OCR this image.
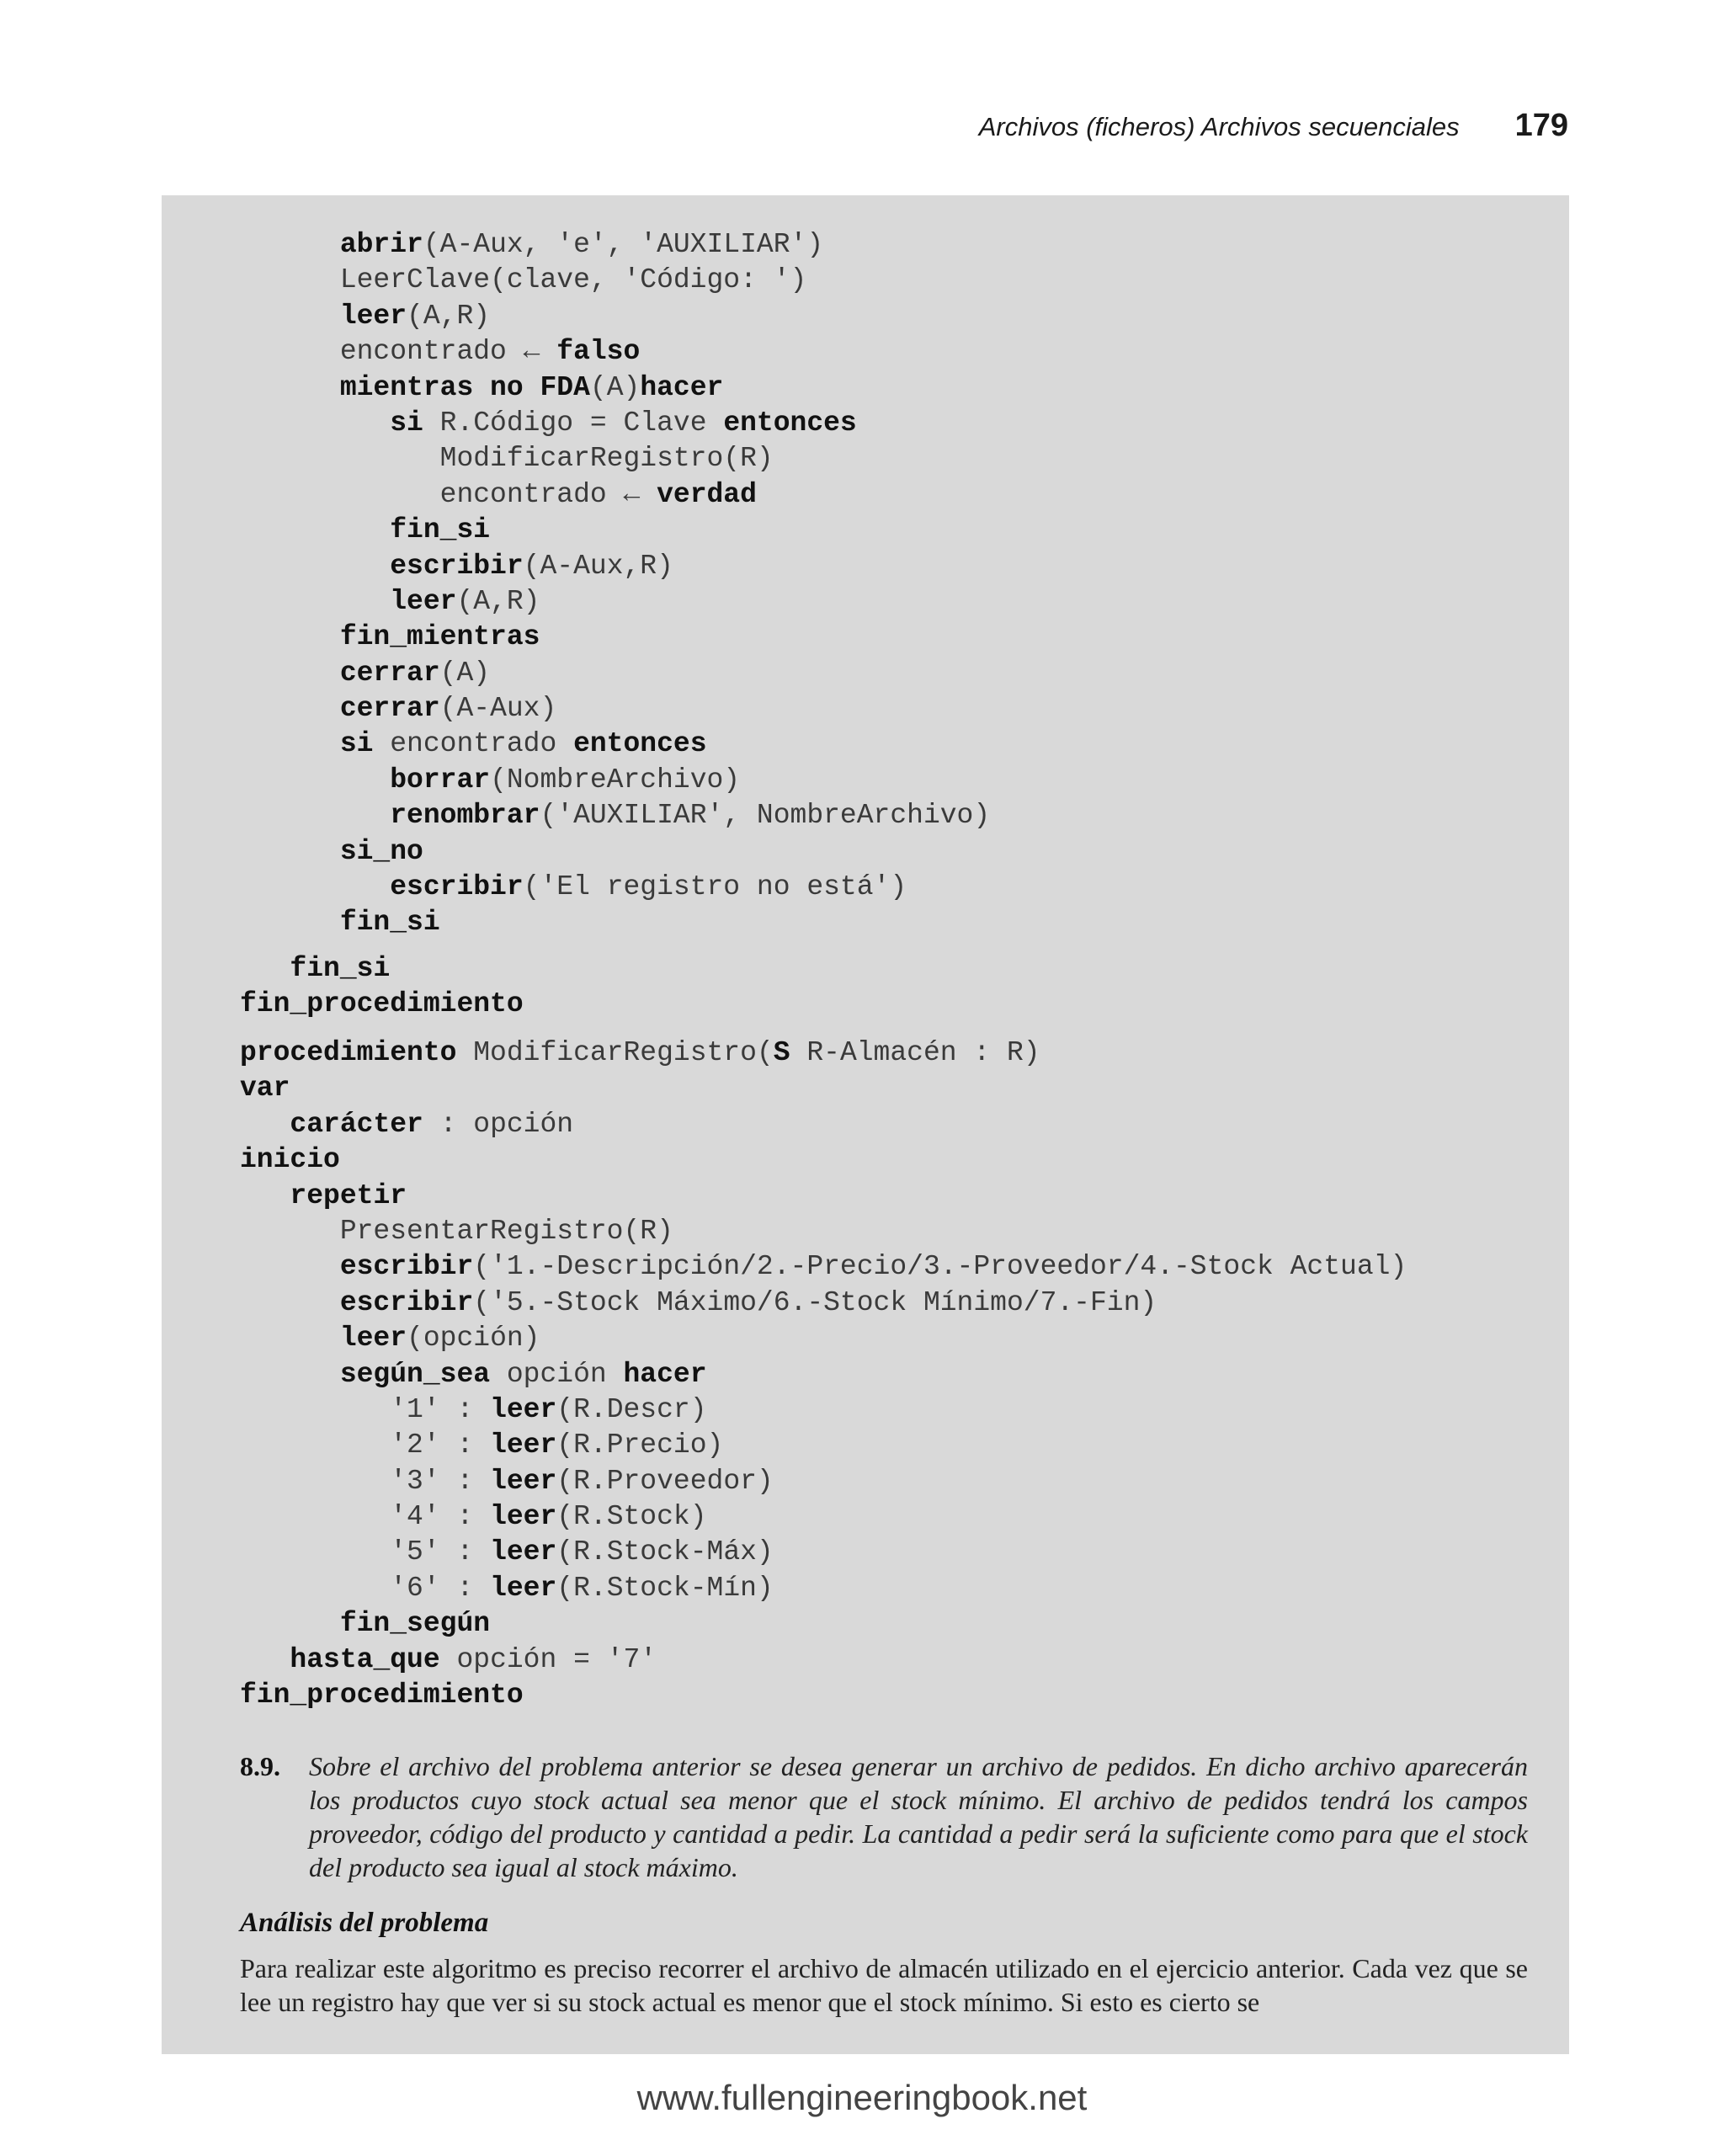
Archivos (ficheros) Archivos secuenciales 179
abrir(A-Aux, 'e', 'AUXILIAR')
LeerClave(clave, 'Código: ')
leer(A,R)
encontrado ← falso
mientras no FDA(A)hacer
si R.Código = Clave entonces
ModificarRegistro(R)
encontrado ← verdad
fin_si
escribir(A-Aux,R)
leer(A,R)
fin_mientras
cerrar(A)
cerrar(A-Aux)
si encontrado entonces
borrar(NombreArchivo)
renombrar('AUXILIAR', NombreArchivo)
si_no
escribir('El registro no está')
fin_si
fin_si
fin_procedimiento
procedimiento ModificarRegistro(S R-Almacén : R)
var
carácter : opción
inicio
repetir
PresentarRegistro(R)
escribir('1.-Descripción/2.-Precio/3.-Proveedor/4.-Stock Actual)
escribir('5.-Stock Máximo/6.-Stock Mínimo/7.-Fin)
leer(opción)
según_sea opción hacer
'1' : leer(R.Descr)
'2' : leer(R.Precio)
'3' : leer(R.Proveedor)
'4' : leer(R.Stock)
'5' : leer(R.Stock-Máx)
'6' : leer(R.Stock-Mín)
fin_según
hasta_que opción = '7'
fin_procedimiento
8.9. Sobre el archivo del problema anterior se desea generar un archivo de pedidos. En dicho archivo aparecerán los productos cuyo stock actual sea menor que el stock mínimo. El archivo de pedidos tendrá los campos proveedor, código del producto y cantidad a pedir. La cantidad a pedir será la suficiente como para que el stock del producto sea igual al stock máximo.
Análisis del problema
Para realizar este algoritmo es preciso recorrer el archivo de almacén utilizado en el ejercicio anterior. Cada vez que se lee un registro hay que ver si su stock actual es menor que el stock mínimo. Si esto es cierto se
www.fullengineeringbook.net
